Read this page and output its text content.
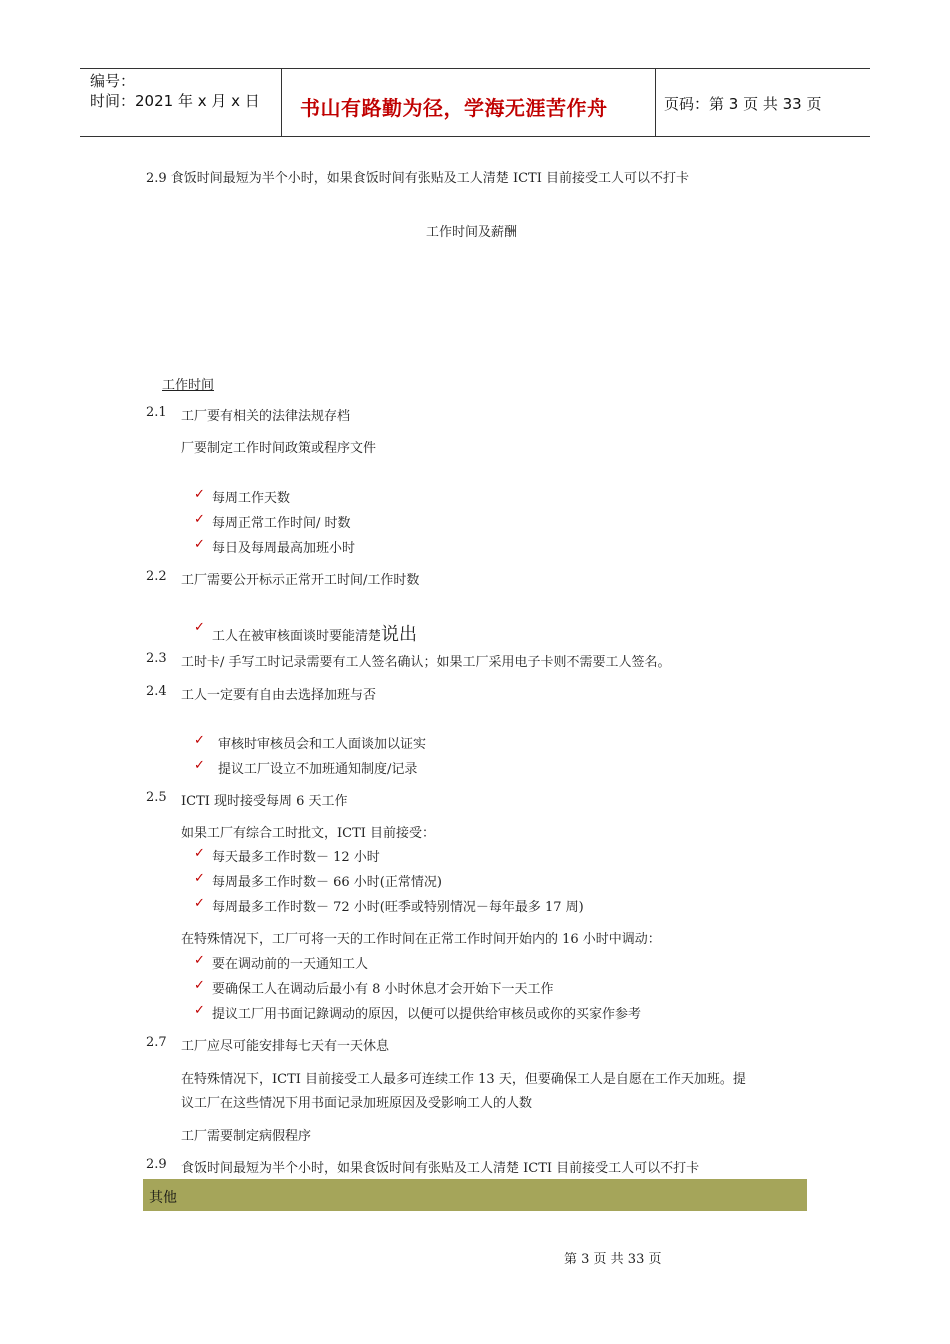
编号：
时间：2021 年 x 月 x 日 书山有路勤为径，学海无涯苦作舟	页码：第 3 页 共 33 页
2.9 食饭时间最短为半个小时，如果食饭时间有张贴及工人清楚 ICTI 目前接受工人可以不打卡
工作时间及薪酬
工作时间
2.1 工厂要有相关的法律法规存档
厂要制定工作时间政策或程序文件
✓ 每周工作天数
✓ 每周正常工作时间/ 时数
✓ 每日及每周最高加班小时
2.2 工厂需要公开标示正常开工时间/工作时数
✓
工人在被审核面谈时要能清楚说出
2.3 工时卡/ 手写工时记录需要有工人签名确认；如果工厂采用电子卡则不需要工人签名。
2.4 工人一定要有自由去选择加班与否
✓ 审核时审核员会和工人面谈加以证实
✓ 提议工厂设立不加班通知制度/记录
2.5 ICTI 现时接受每周 6 天工作
如果工厂有综合工时批文，ICTI 目前接受：
✓ 每天最多工作时数－ 12 小时
✓ 每周最多工作时数－ 66 小时(正常情况)
✓ 每周最多工作时数－ 72 小时(旺季或特别情况－每年最多 17 周)
在特殊情况下，工厂可将一天的工作时间在正常工作时间开始内的 16 小时中调动：
✓ 要在调动前的一天通知工人
✓ 要确保工人在调动后最小有 8 小时休息才会开始下一天工作
✓ 提议工厂用书面记錄调动的原因，以便可以提供给审核员或你的买家作参考
2.7 工厂应尽可能安排每七天有一天休息
在特殊情况下，ICTI 目前接受工人最多可连续工作 13 天，但要确保工人是自愿在工作天加班。提
议工厂在这些情况下用书面记录加班原因及受影响工人的人数
工厂需要制定病假程序
2.9 食饭时间最短为半个小时，如果食饭时间有张贴及工人清楚 ICTI 目前接受工人可以不打卡
其他
第 3 页 共 33 页
